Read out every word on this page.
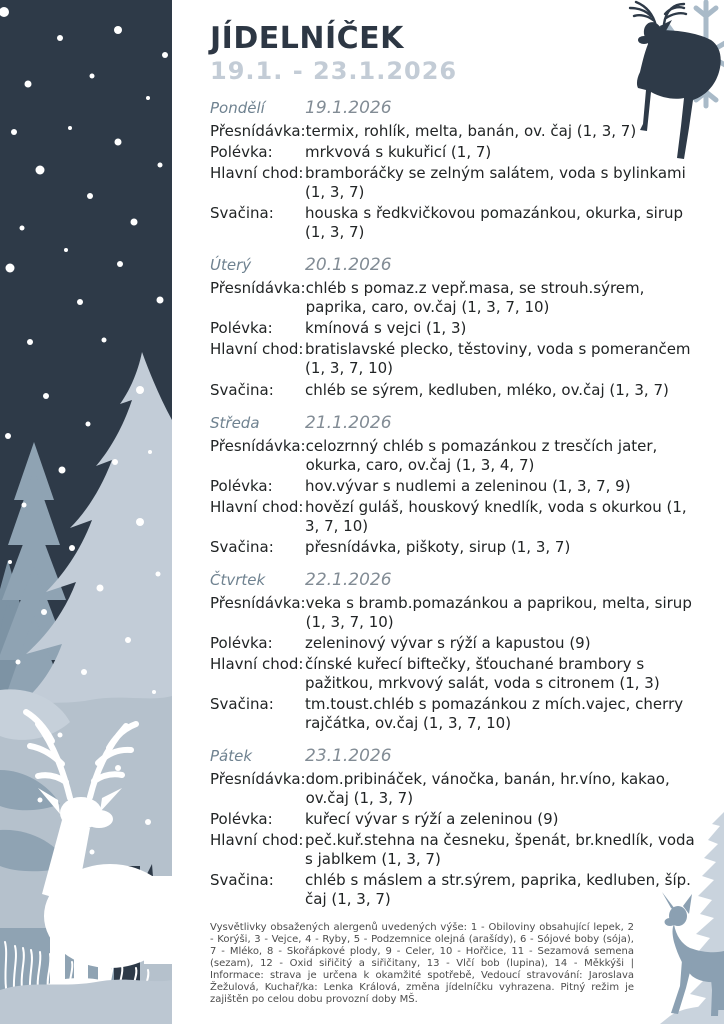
JÍDELNÍČEK
19.1. - 23.1.2026
Pondělí	19.1.2026
Přesnídávka: termix, rohlík, melta, banán, ov. čaj (1, 3, 7)
Polévka:	mrkvová s kukuřicí (1, 7)
Hlavní chod: bramboráčky se zelným salátem, voda s bylinkami (1, 3, 7)
Svačina:	houska s ředkvičkovou pomazánkou, okurka, sirup (1, 3, 7)
Úterý	20.1.2026
Přesnídávka: chléb s pomaz.z vepř.masa, se strouh.sýrem, paprika, caro, ov.čaj (1, 3, 7, 10)
Polévka:	kmínová s vejci (1, 3)
Hlavní chod: bratislavské plecko, těstoviny, voda s pomerančem (1, 3, 7, 10)
Svačina:	chléb se sýrem, kedluben, mléko, ov.čaj (1, 3, 7)
Středa	21.1.2026
Přesnídávka: celozrnný chléb s pomazánkou z tresčích jater, okurka, caro, ov.čaj (1, 3, 4, 7)
Polévka:	hov.vývar s nudlemi a zeleninou (1, 3, 7, 9)
Hlavní chod: hovězí guláš, houskový knedlík, voda s okurkou (1, 3, 7, 10)
Svačina:	přesnídávka, piškoty, sirup (1, 3, 7)
Čtvrtek	22.1.2026
Přesnídávka: veka s bramb.pomazánkou a paprikou, melta, sirup (1, 3, 7, 10)
Polévka:	zeleninový vývar s rýží a kapustou (9)
Hlavní chod: čínské kuřecí biftečky, šťouchané brambory s pažitkou, mrkvový salát, voda s citronem (1, 3)
Svačina:	tm.toust.chléb s pomazánkou z mích.vajec, cherry rajčátka, ov.čaj (1, 3, 7, 10)
Pátek	23.1.2026
Přesnídávka: dom.pribináček, vánočka, banán, hr.víno, kakao, ov.čaj (1, 3, 7)
Polévka:	kuřecí vývar s rýží a zeleninou (9)
Hlavní chod: peč.kuř.stehna na česneku, špenát, br.knedlík, voda s jablkem (1, 3, 7)
Svačina:	chléb s máslem a str.sýrem, paprika, kedluben, šíp. čaj (1, 3, 7)

Vysvětlivky obsažených alergenů uvedených výše: 1 - Obiloviny obsahující lepek, 2 - Korýši, 3 - Vejce, 4 - Ryby, 5 - Podzemnice olejná (arašídy), 6 - Sójové boby (sója), 7 - Mléko, 8 - Skořápkové plody, 9 - Celer, 10 - Hořčice, 11 - Sezamová semena (sezam), 12 - Oxid siřičitý a siřičitany, 13 - Vlčí bob (lupina), 14 - Měkkýši | Informace: strava je určena k okamžité spotřebě, Vedoucí stravování: Jaroslava Žežulová, Kuchař/ka: Lenka Králová, změna jídelníčku vyhrazena. Pitný režim je zajištěn po celou dobu provozní doby MŠ.
